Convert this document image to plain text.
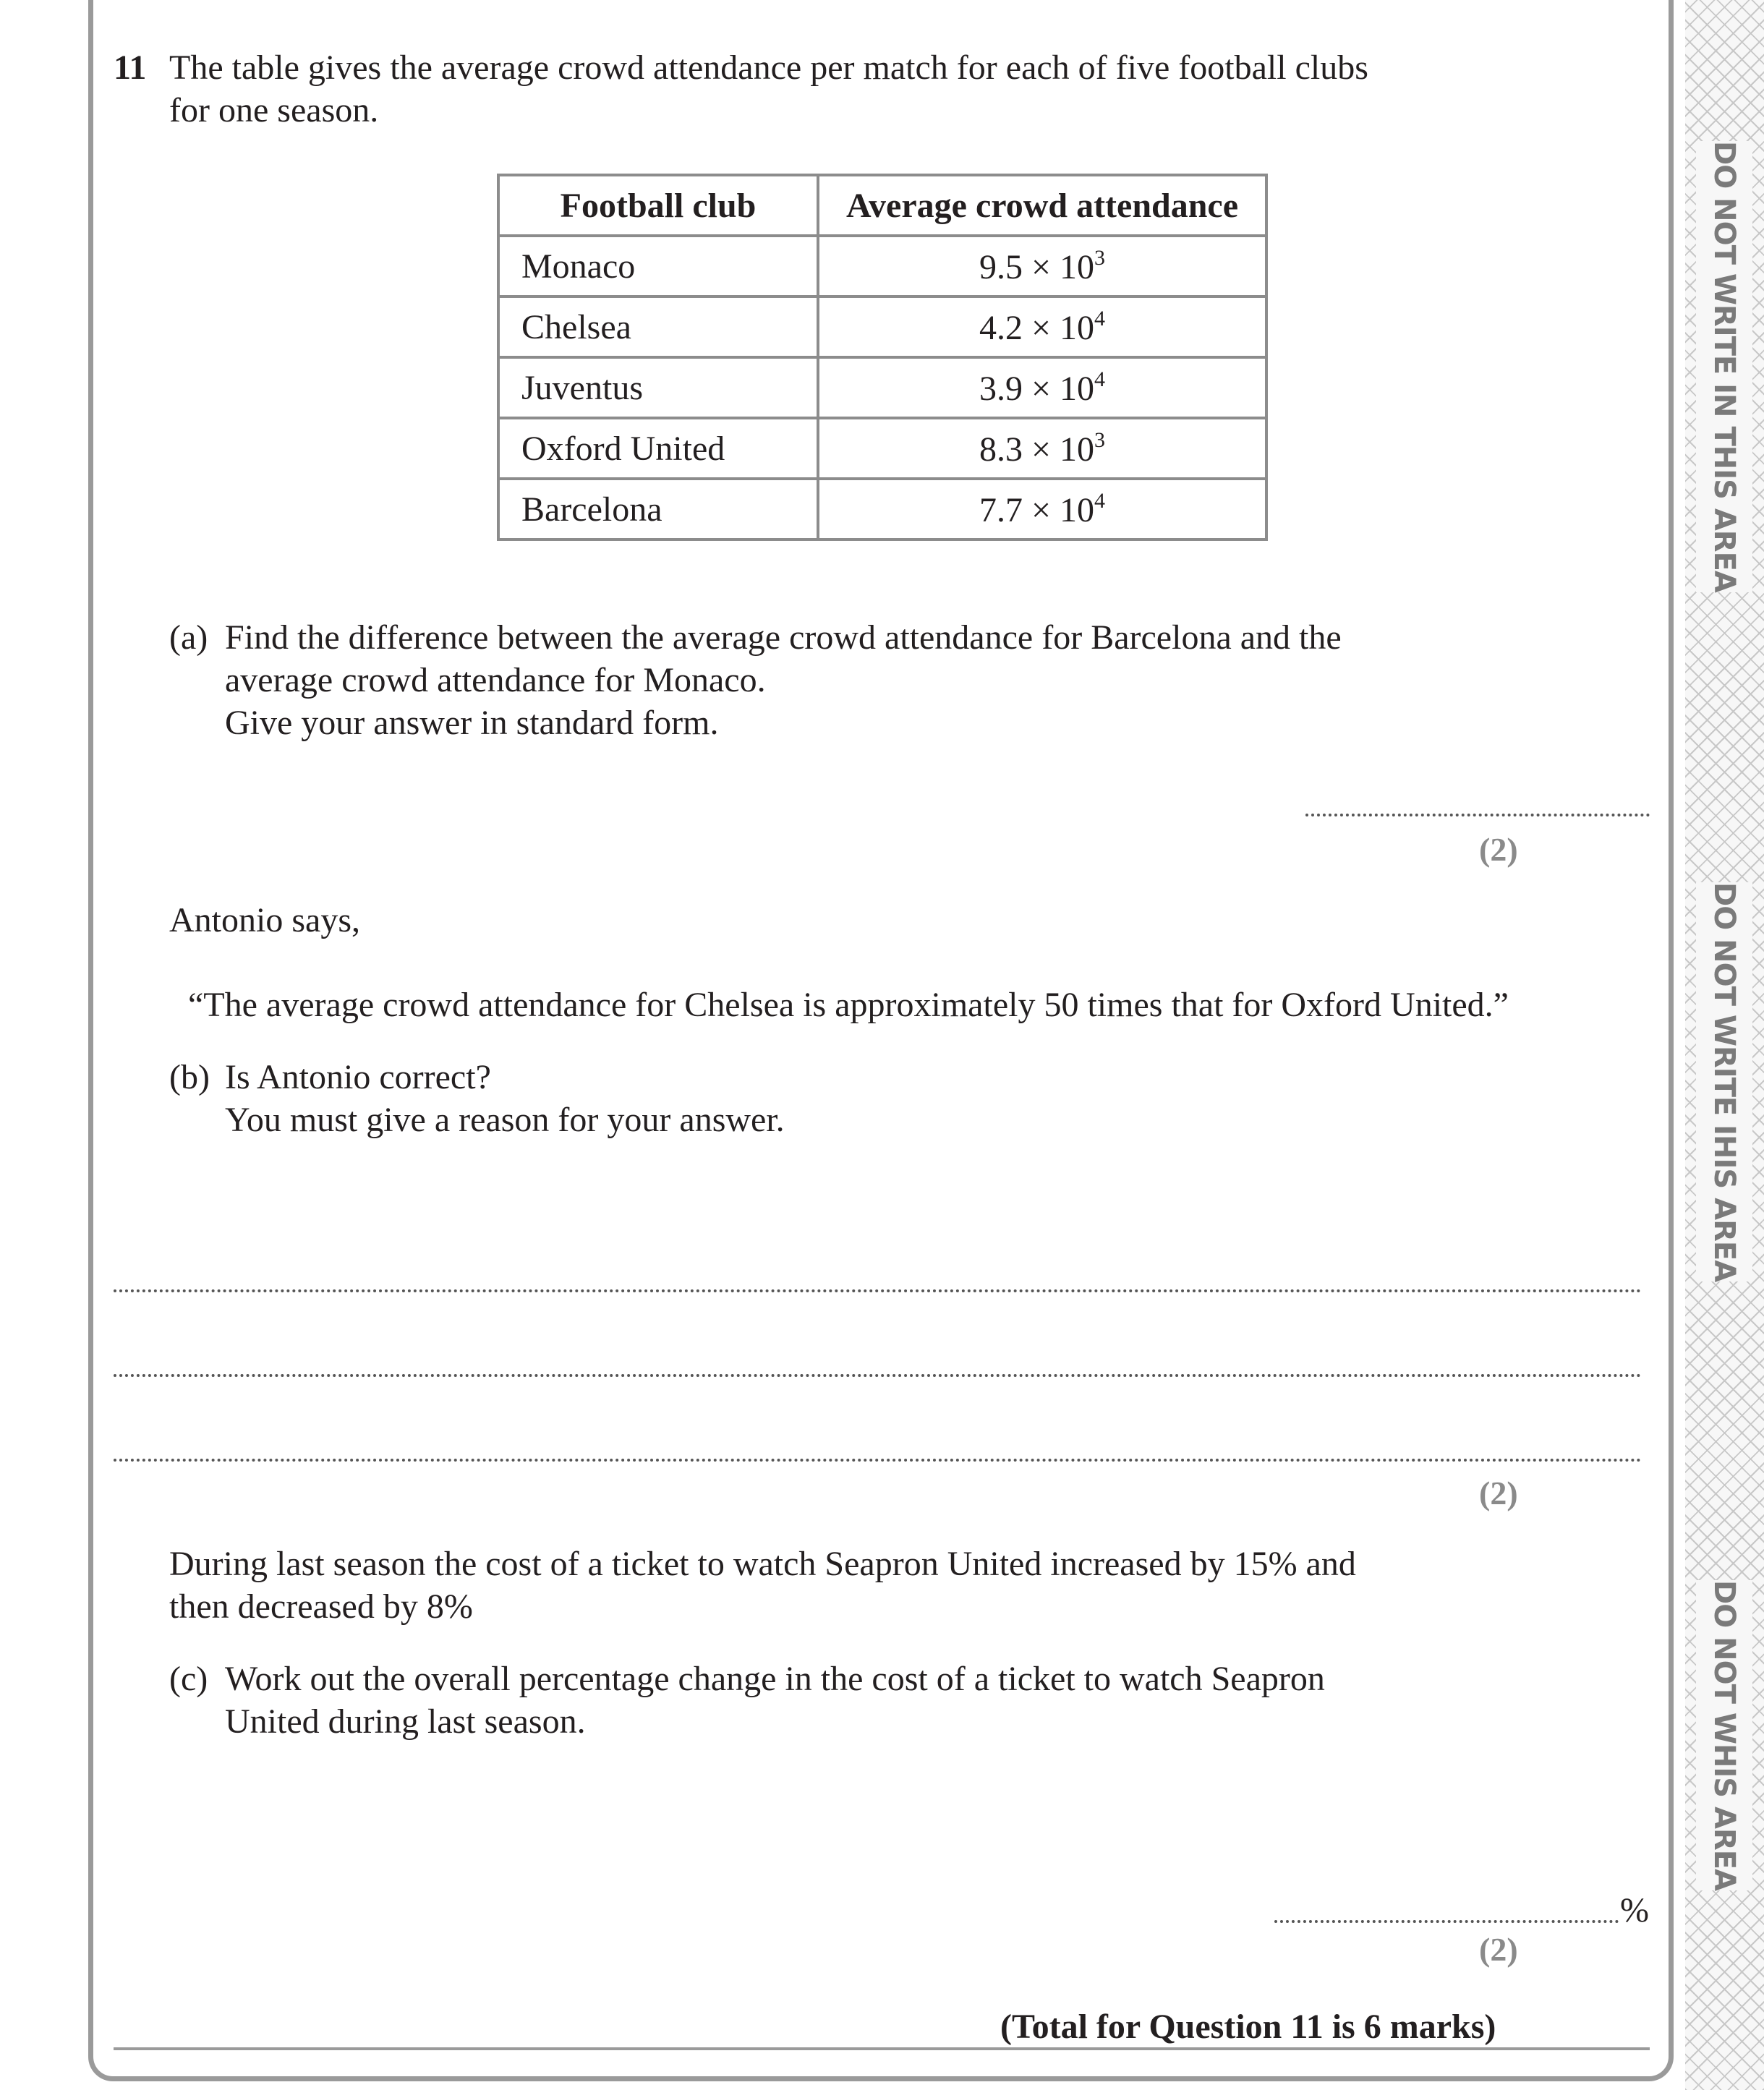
DO NOT WRITE IN THIS AREA
DO NOT WRITE IHIS AREA
DO NOT WHIS AREA
11 The table gives the average crowd attendance per match for each of five football clubs
for one season.
Football club	Average crowd attendance
Monaco	$9.5 \times 10^3$
Chelsea	$4.2 \times 10^4$
Juventus	$3.9 \times 10^4$
Oxford United	$8.3 \times 10^3$
Barcelona	$7.7 \times 10^4$
(a) Find the difference between the average crowd attendance for Barcelona and the
average crowd attendance for Monaco.
Give your answer in standard form.
(2)
Antonio says,
“The average crowd attendance for Chelsea is approximately 50 times that for Oxford United.”
(b) Is Antonio correct?
You must give a reason for your answer.
(2)
During last season the cost of a ticket to watch Seapron United increased by 15% and
then decreased by 8%
(c) Work out the overall percentage change in the cost of a ticket to watch Seapron
United during last season.
%
(2)
(Total for Question 11 is 6 marks)
